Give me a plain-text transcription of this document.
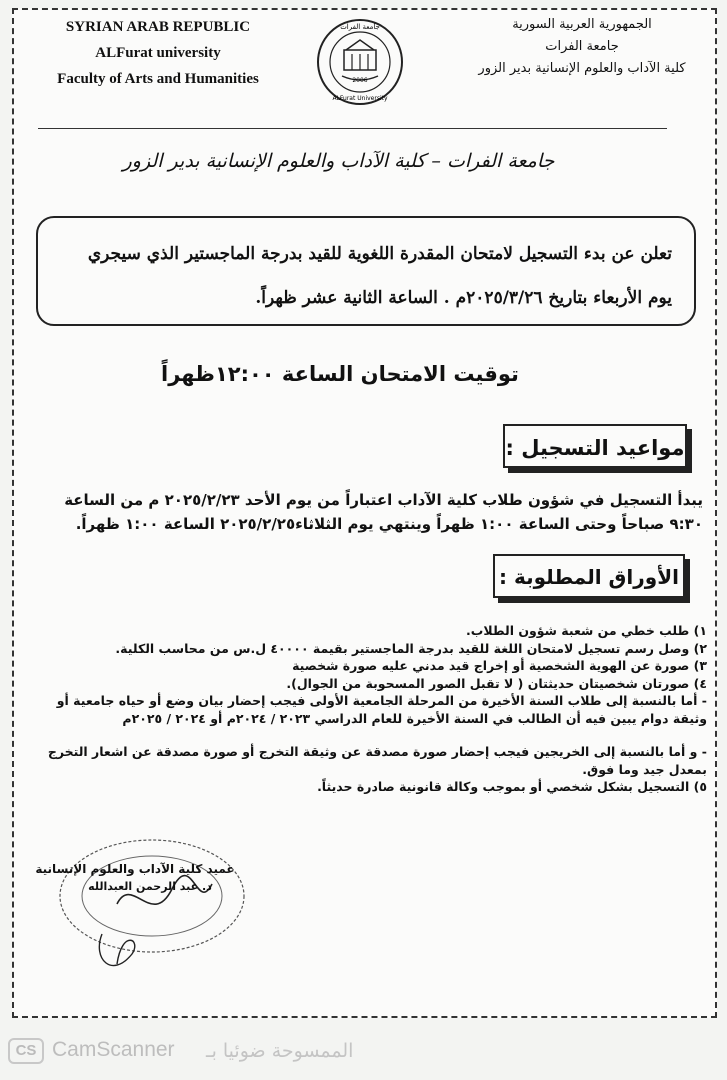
SYRIAN ARAB REPUBLIC
ALFurat university
Faculty of Arts and Humanities
الجمهورية العربية السورية
جامعة الفرات
كلية الآداب والعلوم الإنسانية بدير الزور
جامعة الفرات
2006
ALFurat University
جامعة الفرات – كلية الآداب والعلوم الإنسانية بدير الزور
تعلن عن بدء التسجيل لامتحان المقدرة اللغوية للقيد بدرجة الماجستير الذي سيجري
يوم الأربعاء بتاريخ ٢٠٢٥/٣/٢٦م . الساعة الثانية عشر ظهراً.
توقيت الامتحان الساعة ١٢:٠٠ظهراً
مواعيد التسجيل :
يبدأ التسجيل في شؤون طلاب كلية الآداب اعتباراً من يوم الأحد ٢٠٢٥/٢/٢٣ م من الساعة
٩:٣٠ صباحاً وحتى الساعة ١:٠٠ ظهراً وينتهي يوم الثلاثاء٢٠٢٥/٢/٢٥ الساعة ١:٠٠ ظهراً.
الأوراق المطلوبة :
١) طلب خطي من شعبة شؤون الطلاب.
٢) وصل رسم تسجيل لامتحان اللغة للقيد بدرجة الماجستير بقيمة ٤٠٠٠٠ ل.س من محاسب الكلية.
٣) صورة عن الهوية الشخصية أو إخراج قيد مدني عليه صورة شخصية
٤) صورتان شخصيتان حديثتان ( لا تقبل الصور المسحوبة من الجوال).
- أما بالنسبة إلى طلاب السنة الأخيرة من المرحلة الجامعية الأولى فيجب إحضار بيان وضع أو حياه جامعية أو
وثيقة دوام يبين فيه أن الطالب في السنة الأخيرة للعام الدراسي ٢٠٢٣ / ٢٠٢٤م أو ٢٠٢٤ / ٢٠٢٥م
- و أما بالنسبة إلى الخريجين فيجب إحضار صورة مصدقة عن وثيقة التخرج أو صورة مصدقة عن اشعار التخرج
بمعدل جيد وما فوق.
٥) التسجيل بشكل شخصي أو بموجب وكالة قانونية صادرة حديثاً.
عميد كلية الآداب والعلوم الإنسانية
د. عبد الرحمن العبدالله
CS CamScanner الممسوحة ضوئيا بـ
